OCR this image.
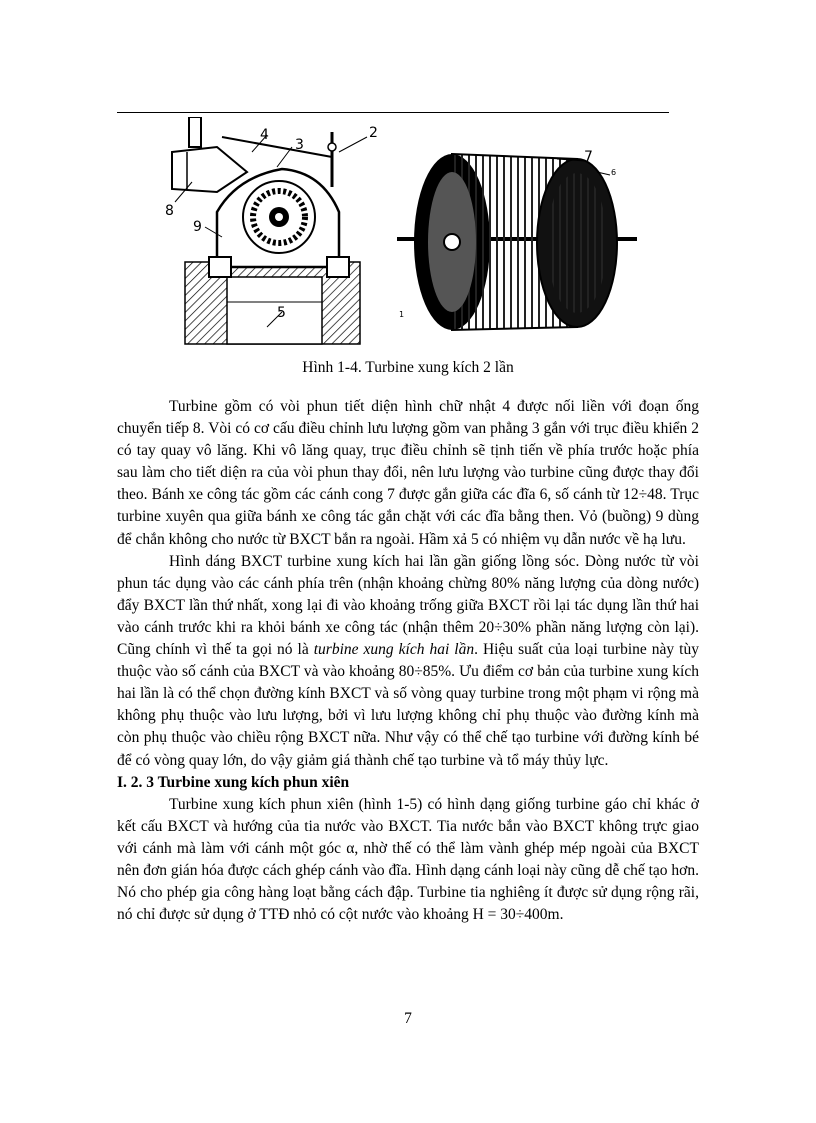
4
3
2
8
9
5
7
6
1
Hình 1-4. Turbine xung kích 2 lần

Turbine gồm có vòi phun tiết diện hình chữ nhật 4 được nối liền với đoạn ống chuyển tiếp 8. Vòi có cơ cấu điều chỉnh lưu lượng gồm van phẳng 3 gắn với trục điều khiển 2 có tay quay vô lăng. Khi vô lăng quay, trục điều chỉnh sẽ tịnh tiến về phía trước hoặc phía sau làm cho tiết diện ra của vòi phun thay đổi, nên lưu lượng vào turbine cũng được thay đổi theo. Bánh xe công tác gồm các cánh cong 7 được gắn giữa các đĩa 6, số cánh từ 12÷48. Trục turbine xuyên qua giữa bánh xe công tác gắn chặt với các đĩa bằng then. Vỏ (buồng) 9 dùng để chắn không cho nước từ BXCT bắn ra ngoài. Hầm xả 5 có nhiệm vụ dẫn nước về hạ lưu.

Hình dáng BXCT turbine xung kích hai lần gần giống lồng sóc. Dòng nước từ vòi phun tác dụng vào các cánh phía trên (nhận khoảng chừng 80% năng lượng của dòng nước) đẩy BXCT lần thứ nhất, xong lại đi vào khoảng trống giữa BXCT rồi lại tác dụng lần thứ hai vào cánh trước khi ra khỏi bánh xe công tác (nhận thêm 20÷30% phần năng lượng còn lại). Cũng chính vì thế ta gọi nó là turbine xung kích hai lần. Hiệu suất của loại turbine này tùy thuộc vào số cánh của BXCT và vào khoảng 80÷85%. Ưu điểm cơ bản của turbine xung kích hai lần là có thể chọn đường kính BXCT và số vòng quay turbine trong một phạm vi rộng mà không phụ thuộc vào lưu lượng, bởi vì lưu lượng không chỉ phụ thuộc vào đường kính mà còn phụ thuộc vào chiều rộng BXCT nữa. Như vậy có thể chế tạo turbine với đường kính bé để có vòng quay lớn, do vậy giảm giá thành chế tạo turbine và tổ máy thủy lực.

I. 2. 3 Turbine xung kích phun xiên

Turbine xung kích phun xiên (hình 1-5) có hình dạng giống turbine gáo chỉ khác ở kết cấu BXCT và hướng của tia nước vào BXCT. Tia nước bắn vào BXCT không trực giao với cánh mà làm với cánh một góc α, nhờ thế có thể làm vành ghép mép ngoài của BXCT nên đơn gián hóa được cách ghép cánh vào đĩa. Hình dạng cánh loại này cũng dễ chế tạo hơn. Nó cho phép gia công hàng loạt bằng cách đập. Turbine tia nghiêng ít được sử dụng rộng rãi, nó chỉ được sử dụng ở TTĐ nhỏ có cột nước vào khoảng H = 30÷400m.

7
